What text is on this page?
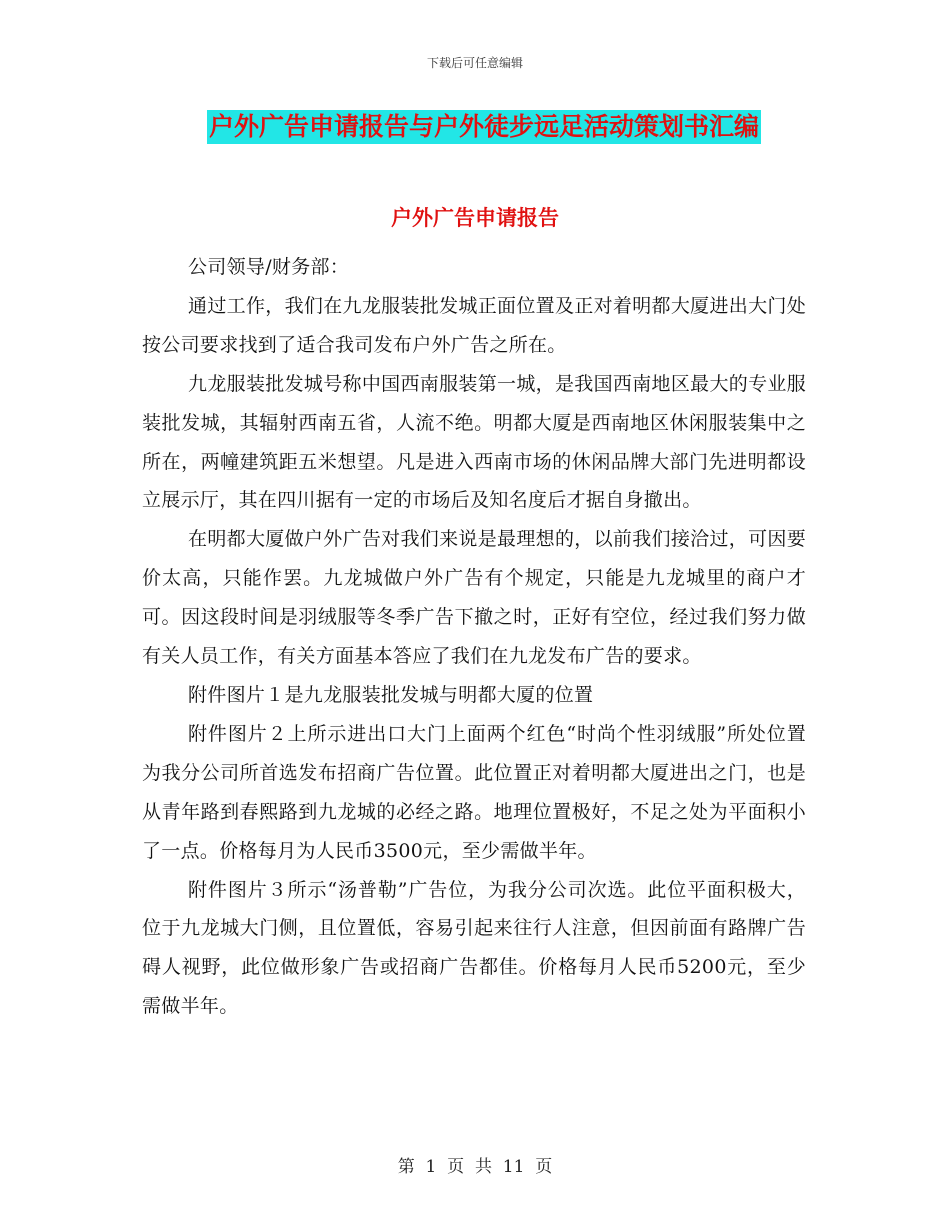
下载后可任意编辑
户外广告申请报告与户外徒步远足活动策划书汇编
户外广告申请报告

公司领导/财务部：

通过工作，我们在九龙服装批发城正面位置及正对着明都大厦进出大门处按公司要求找到了适合我司发布户外广告之所在。

九龙服装批发城号称中国西南服装第一城，是我国西南地区最大的专业服装批发城，其辐射西南五省，人流不绝。明都大厦是西南地区休闲服装集中之所在，两幢建筑距五米想望。凡是进入西南市场的休闲品牌大部门先进明都设立展示厅，其在四川据有一定的市场后及知名度后才据自身撤出。

在明都大厦做户外广告对我们来说是最理想的，以前我们接洽过，可因要价太高，只能作罢。九龙城做户外广告有个规定，只能是九龙城里的商户才可。因这段时间是羽绒服等冬季广告下撤之时，正好有空位，经过我们努力做有关人员工作，有关方面基本答应了我们在九龙发布广告的要求。

附件图片１是九龙服装批发城与明都大厦的位置

附件图片２上所示进出口大门上面两个红色“时尚个性羽绒服”所处位置为我分公司所首选发布招商广告位置。此位置正对着明都大厦进出之门，也是从青年路到春熙路到九龙城的必经之路。地理位置极好，不足之处为平面积小了一点。价格每月为人民币3500元，至少需做半年。

附件图片３所示“汤普勒”广告位，为我分公司次选。此位平面积极大，位于九龙城大门侧，且位置低，容易引起来往行人注意，但因前面有路牌广告碍人视野，此位做形象广告或招商广告都佳。价格每月人民币5200元，至少需做半年。

第  1  页  共  11  页
